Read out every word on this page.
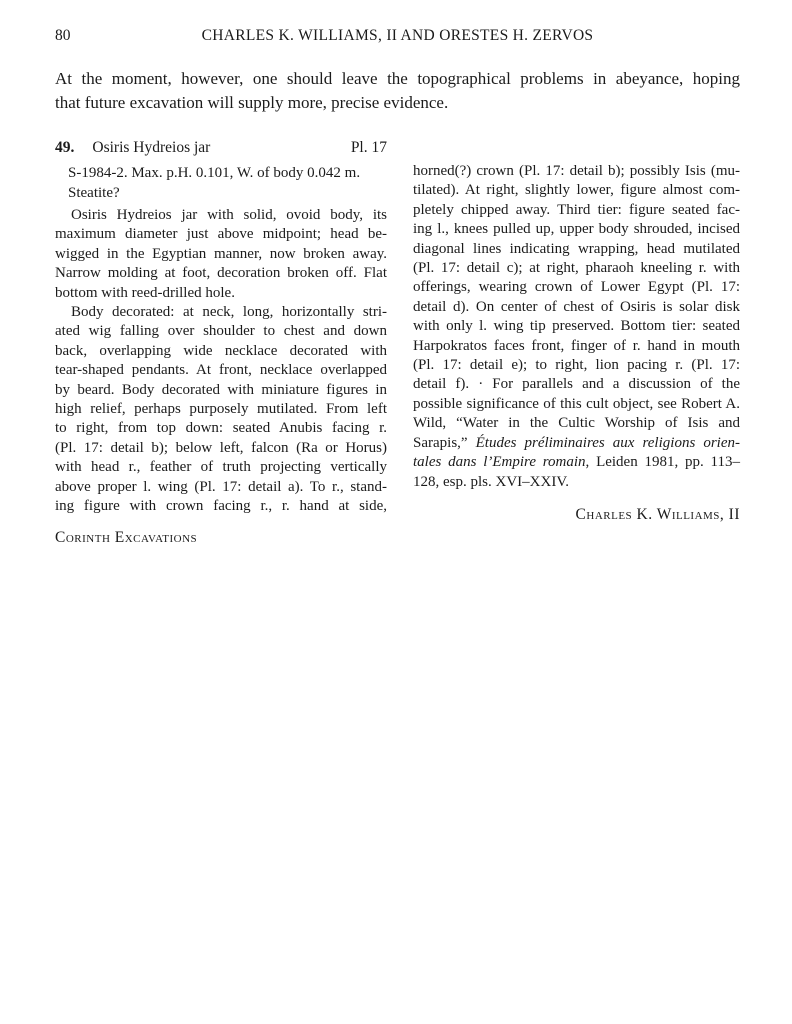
80	CHARLES K. WILLIAMS, II AND ORESTES H. ZERVOS
At the moment, however, one should leave the topographical problems in abeyance, hoping
that future excavation will supply more, precise evidence.
49. Osiris Hydreios jar	Pl. 17
S-1984-2. Max. p.H. 0.101, W. of body 0.042 m.
Steatite?
Osiris Hydreios jar with solid, ovoid body, its
maximum diameter just above midpoint; head be-
wigged in the Egyptian manner, now broken away.
Narrow molding at foot, decoration broken off. Flat
bottom with reed-drilled hole.
Body decorated: at neck, long, horizontally stri-
ated wig falling over shoulder to chest and down
back, overlapping wide necklace decorated with
tear-shaped pendants. At front, necklace overlapped
by beard. Body decorated with miniature figures in
high relief, perhaps purposely mutilated. From left
to right, from top down: seated Anubis facing r.
(Pl. 17: detail b); below left, falcon (Ra or Horus)
with head r., feather of truth projecting vertically
above proper l. wing (Pl. 17: detail a). To r., stand-
ing figure with crown facing r., r. hand at side,
Corinth Excavations
horned(?) crown (Pl. 17: detail b); possibly Isis (mu-
tilated). At right, slightly lower, figure almost com-
pletely chipped away. Third tier: figure seated fac-
ing l., knees pulled up, upper body shrouded, incised
diagonal lines indicating wrapping, head mutilated
(Pl. 17: detail c); at right, pharaoh kneeling r. with
offerings, wearing crown of Lower Egypt (Pl. 17:
detail d). On center of chest of Osiris is solar disk
with only l. wing tip preserved. Bottom tier: seated
Harpokratos faces front, finger of r. hand in mouth
(Pl. 17: detail e); to right, lion pacing r. (Pl. 17:
detail f). · For parallels and a discussion of the
possible significance of this cult object, see Robert A.
Wild, “Water in the Cultic Worship of Isis and
Sarapis,” Études préliminaires aux religions orien-
tales dans l’Empire romain, Leiden 1981, pp. 113–
128, esp. pls. XVI–XXIV.
Charles K. Williams, II
